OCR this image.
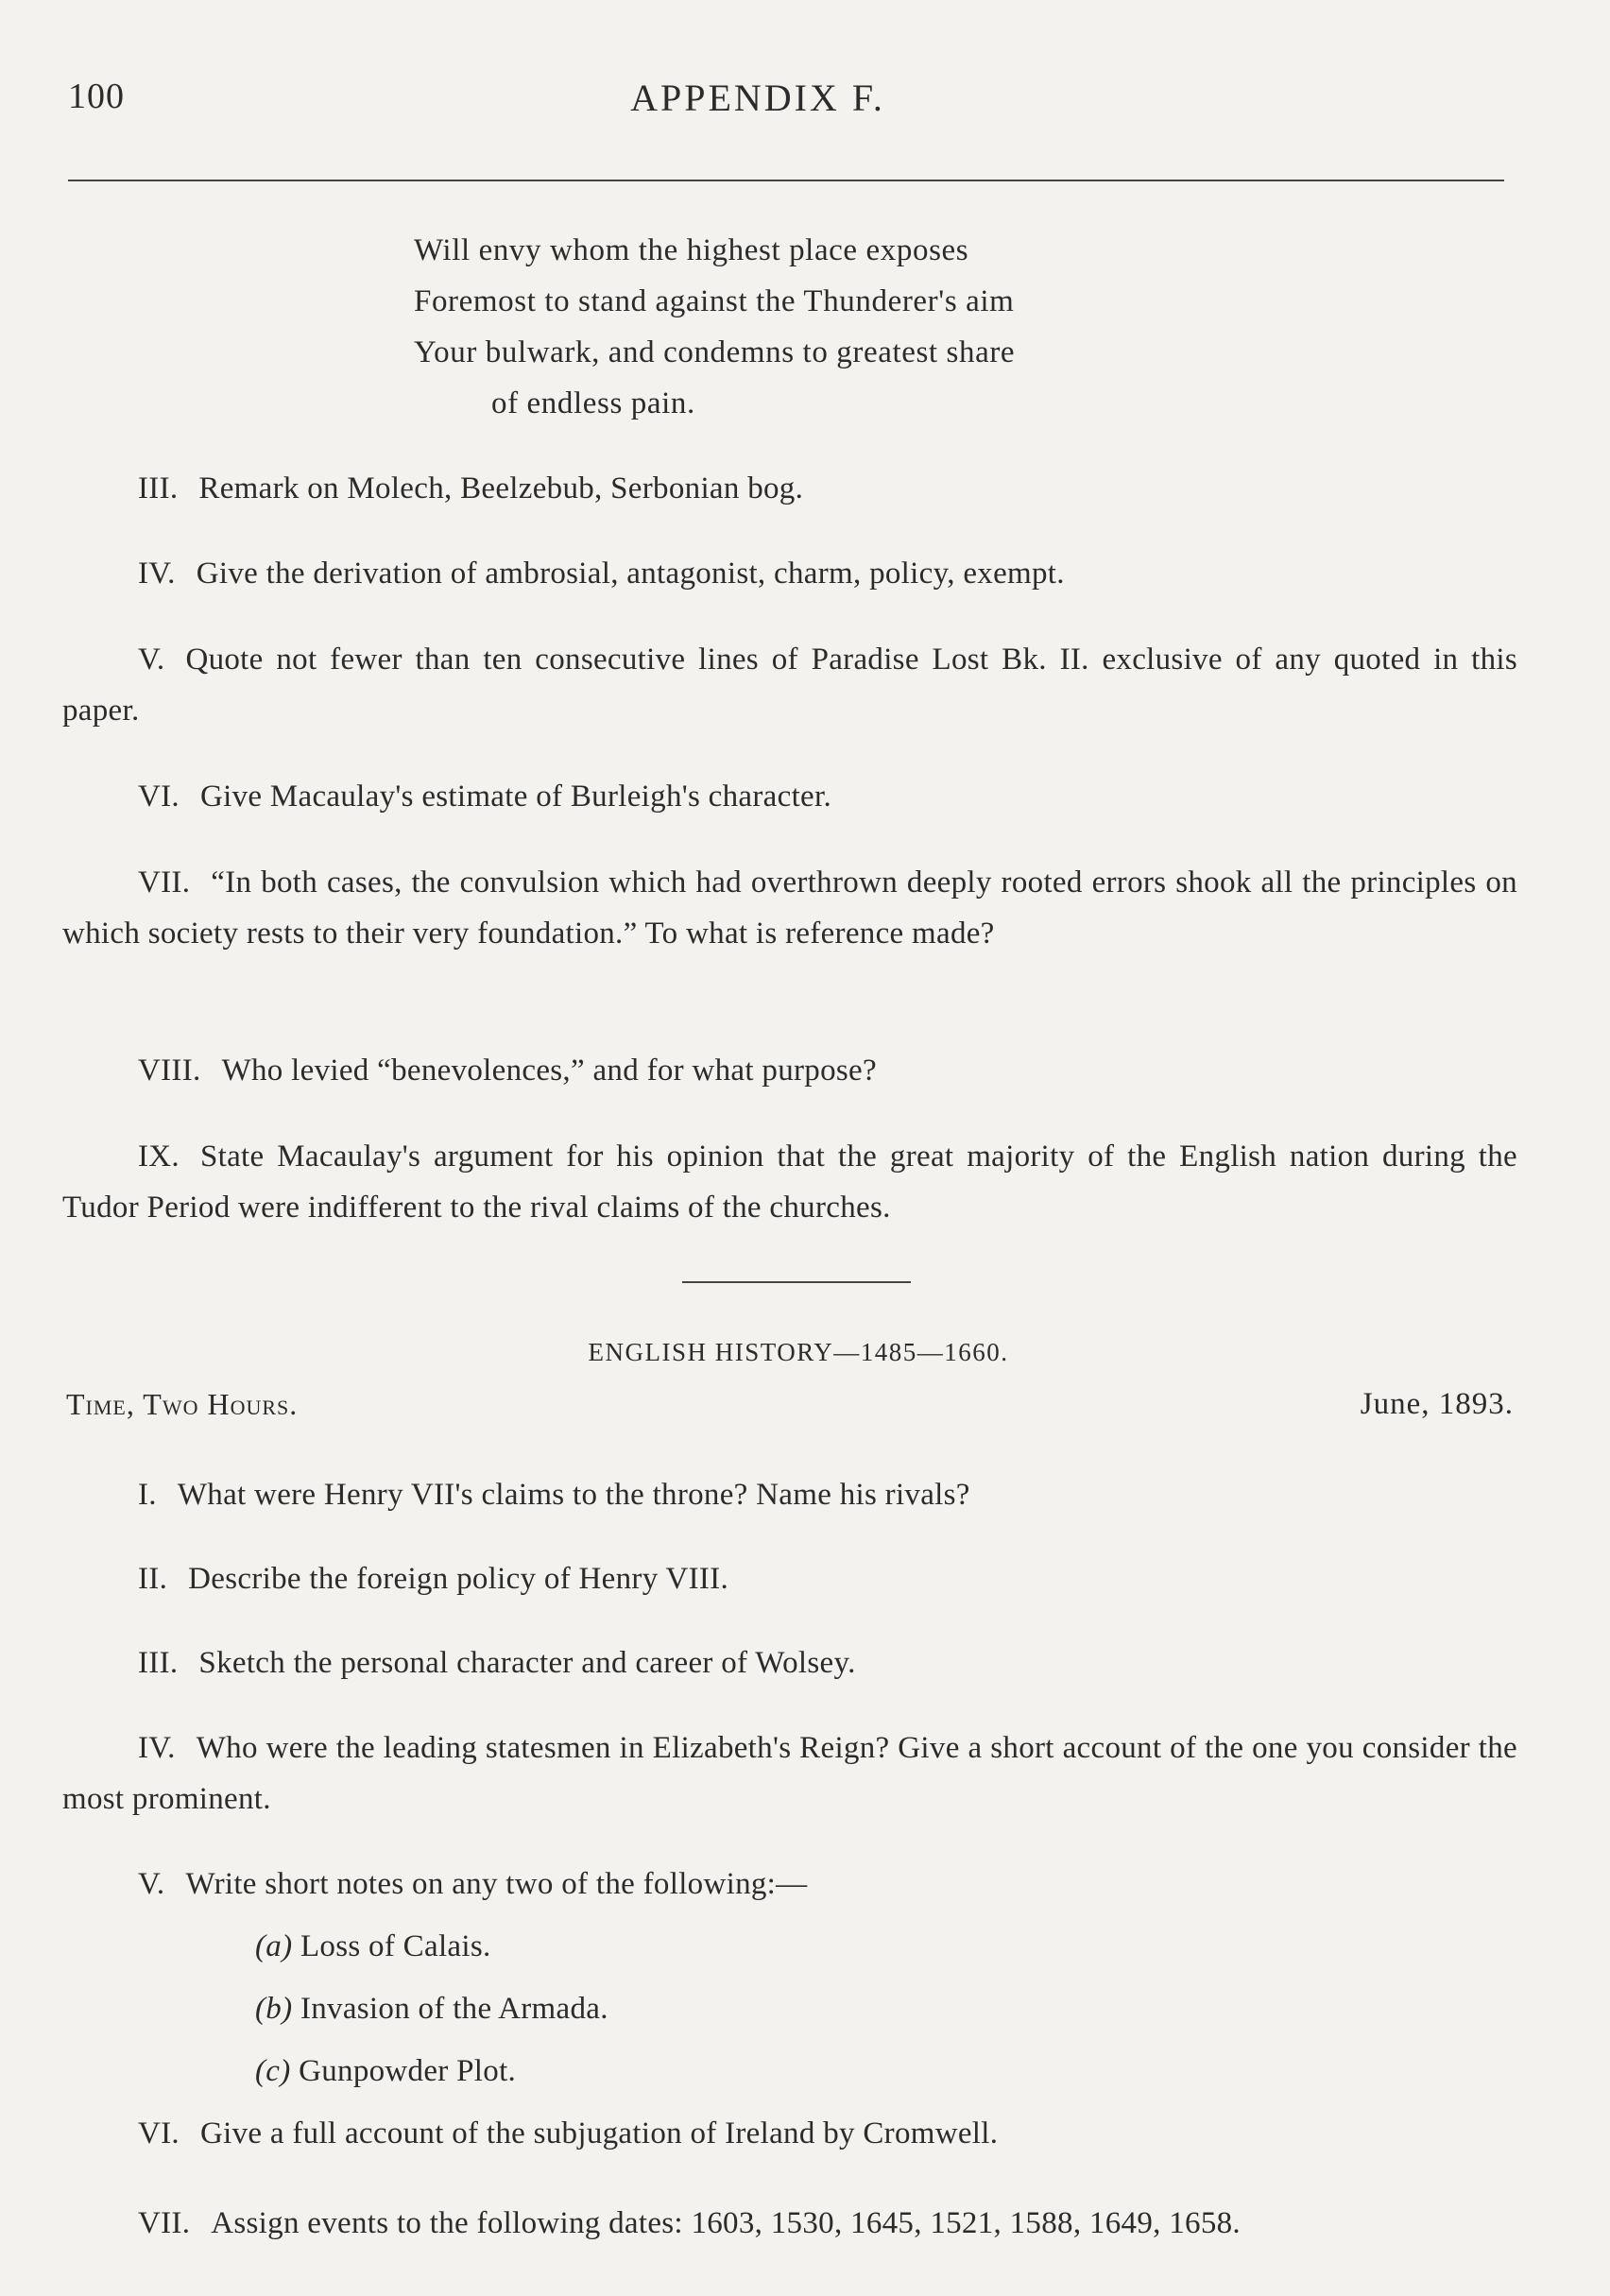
100	APPENDIX F.
Will envy whom the highest place exposes
Foremost to stand against the Thunderer's aim
Your bulwark, and condemns to greatest share
of endless pain.
III. Remark on Molech, Beelzebub, Serbonian bog.
IV. Give the derivation of ambrosial, antagonist, charm, policy, exempt.
V. Quote not fewer than ten consecutive lines of Paradise Lost Bk. II. exclusive of any quoted in this paper.
VI. Give Macaulay's estimate of Burleigh's character.
VII. “In both cases, the convulsion which had overthrown deeply rooted errors shook all the principles on which society rests to their very foundation.” To what is reference made?
VIII. Who levied “benevolences,” and for what purpose?
IX. State Macaulay's argument for his opinion that the great majority of the English nation during the Tudor Period were indifferent to the rival claims of the churches.
ENGLISH HISTORY—1485—1660.
Time, Two Hours.	June, 1893.
I. What were Henry VII's claims to the throne? Name his rivals?
II. Describe the foreign policy of Henry VIII.
III. Sketch the personal character and career of Wolsey.
IV. Who were the leading statesmen in Elizabeth's Reign? Give a short account of the one you consider the most prominent.
V. Write short notes on any two of the following:—
(a) Loss of Calais.
(b) Invasion of the Armada.
(c) Gunpowder Plot.
VI. Give a full account of the subjugation of Ireland by Cromwell.
VII. Assign events to the following dates: 1603, 1530, 1645, 1521, 1588, 1649, 1658.
